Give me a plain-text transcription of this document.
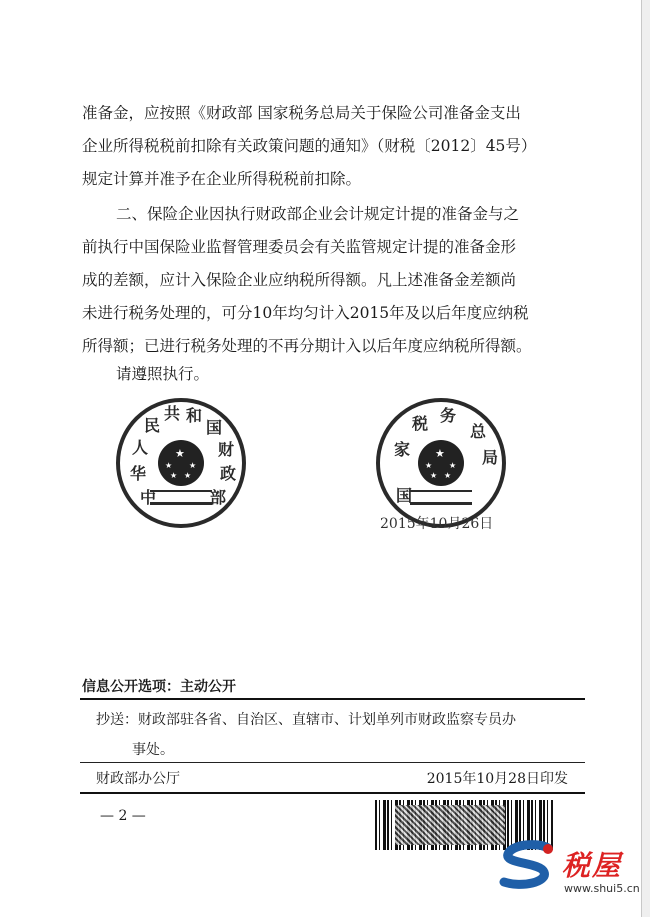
准备金，应按照《财政部 国家税务总局关于保险公司准备金支出

企业所得税税前扣除有关政策问题的通知》（财税〔2012〕45号）

规定计算并准予在企业所得税税前扣除。

二、保险企业因执行财政部企业会计规定计提的准备金与之

前执行中国保险业监督管理委员会有关监管规定计提的准备金形

成的差额，应计入保险企业应纳税所得额。凡上述准备金差额尚

未进行税务处理的，可分10年均匀计入2015年及以后年度应纳税

所得额；已进行税务处理的不再分期计入以后年度应纳税所得额。

请遵照执行。

中
华
人
民
共 和
国
财
政
部
★
★ ★
★ ★
家
税 务
总
局
国
★
★ ★
★ ★
2015年10月26日
信息公开选项：主动公开
抄送：财政部驻各省、自治区、直辖市、计划单列市财政监察专员办
事处。
财政部办公厅	2015年10月28日印发
— 2 —
税屋
www.shui5.cn
